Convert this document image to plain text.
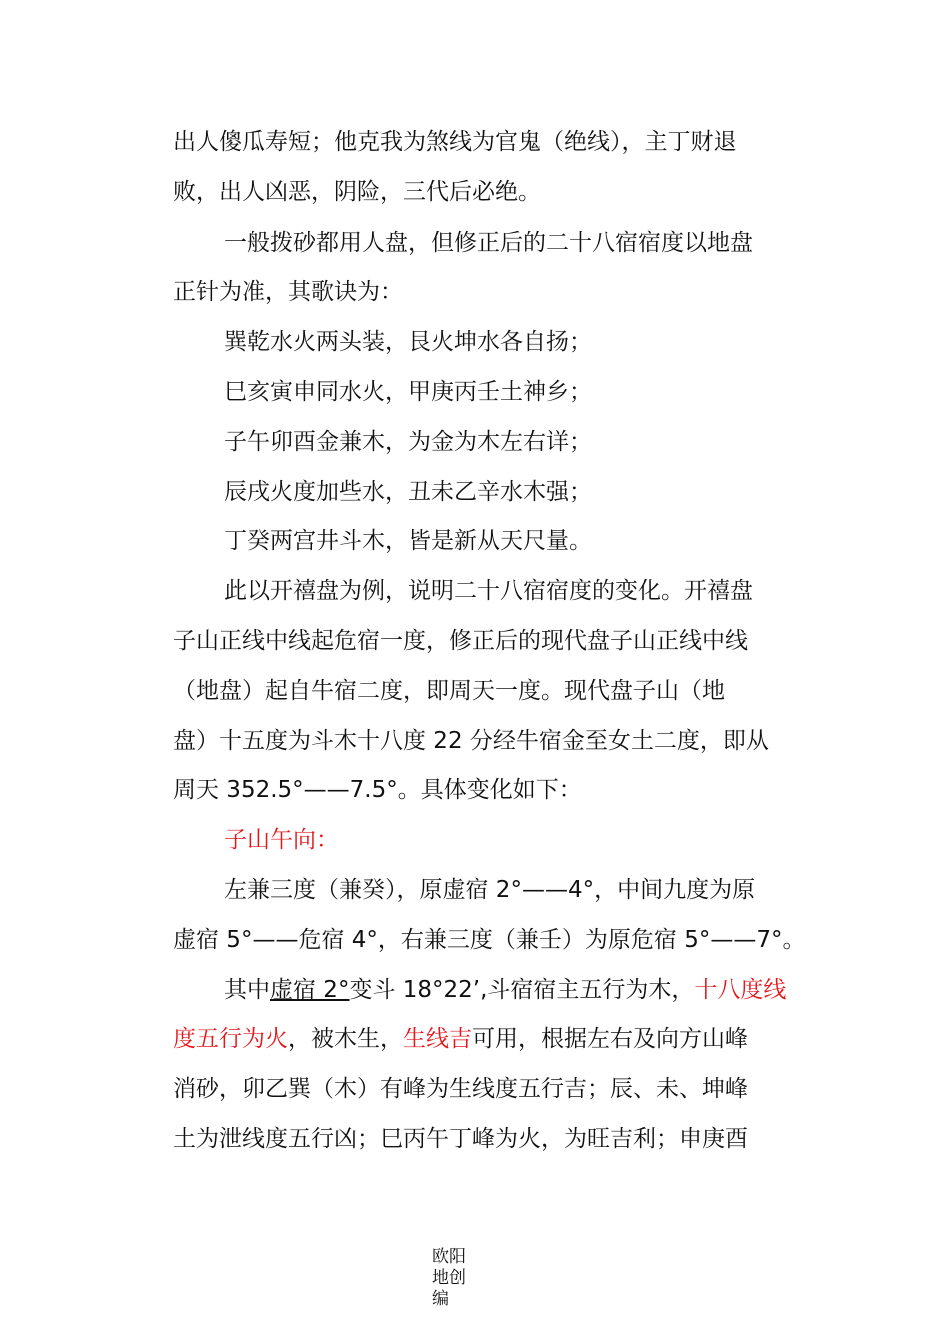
出人傻瓜寿短；他克我为煞线为官鬼（绝线），主丁财退
败，出人凶恶，阴险，三代后必绝。
一般拨砂都用人盘，但修正后的二十八宿宿度以地盘
正针为准，其歌诀为：
巽乾水火两头装，艮火坤水各自扬；
巳亥寅申同水火，甲庚丙壬土神乡；
子午卯酉金兼木，为金为木左右详；
辰戌火度加些水，丑未乙辛水木强；
丁癸两宫井斗木，皆是新从天尺量。
此以开禧盘为例，说明二十八宿宿度的变化。开禧盘
子山正线中线起危宿一度，修正后的现代盘子山正线中线
（地盘）起自牛宿二度，即周天一度。现代盘子山（地
盘）十五度为斗木十八度 22 分经牛宿金至女土二度，即从
周天 352.5°——7.5°。具体变化如下：
子山午向：
左兼三度（兼癸），原虚宿 2°——4°，中间九度为原
虚宿 5°——危宿 4°，右兼三度（兼壬）为原危宿 5°——7°。
其中虚宿 2°变斗 18°22’,斗宿宿主五行为木，十八度线
度五行为火，被木生，生线吉可用，根据左右及向方山峰
消砂，卯乙巽（木）有峰为生线度五行吉；辰、未、坤峰
土为泄线度五行凶；巳丙午丁峰为火，为旺吉利；申庚酉
欧阳
地创
编
